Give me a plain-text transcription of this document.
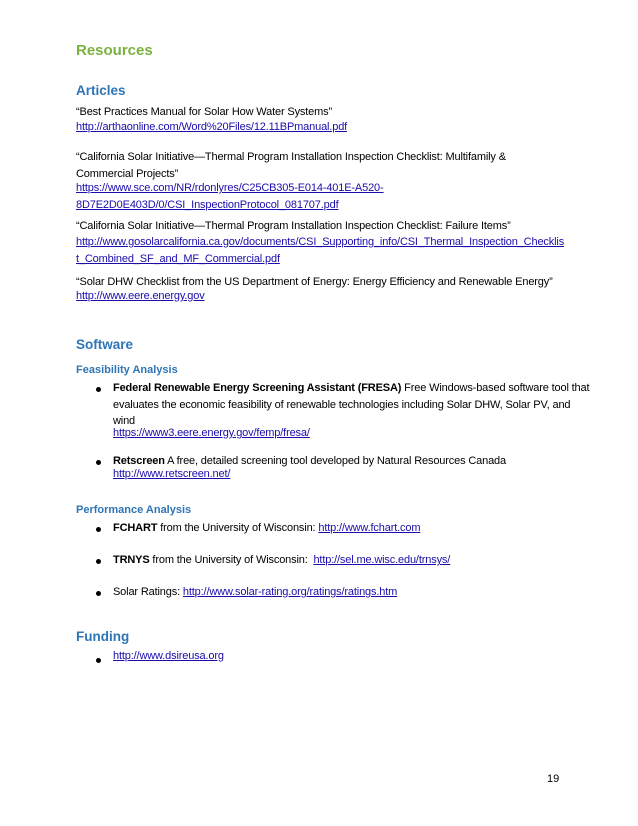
Resources
Articles
“Best Practices Manual for Solar How Water Systems”
http://arthaonline.com/Word%20Files/12.11BPmanual.pdf
“California Solar Initiative—Thermal Program Installation Inspection Checklist: Multifamily &
Commercial Projects”
https://www.sce.com/NR/rdonlyres/C25CB305-E014-401E-A520-
8D7E2D0E403D/0/CSI_InspectionProtocol_081707.pdf
“California Solar Initiative—Thermal Program Installation Inspection Checklist: Failure Items”
http://www.gosolarcalifornia.ca.gov/documents/CSI_Supporting_info/CSI_Thermal_Inspection_Checklis
t_Combined_SF_and_MF_Commercial.pdf
“Solar DHW Checklist from the US Department of Energy: Energy Efficiency and Renewable Energy”
http://www.eere.energy.gov
Software
Feasibility Analysis
Federal Renewable Energy Screening Assistant (FRESA) Free Windows-based software tool that
evaluates the economic feasibility of renewable technologies including Solar DHW, Solar PV, and
wind
https://www3.eere.energy.gov/femp/fresa/
Retscreen A free, detailed screening tool developed by Natural Resources Canada
http://www.retscreen.net/
Performance Analysis
FCHART from the University of Wisconsin: http://www.fchart.com
TRNYS from the University of Wisconsin:  http://sel.me.wisc.edu/trnsys/
Solar Ratings: http://www.solar-rating.org/ratings/ratings.htm
Funding
http://www.dsireusa.org
19
